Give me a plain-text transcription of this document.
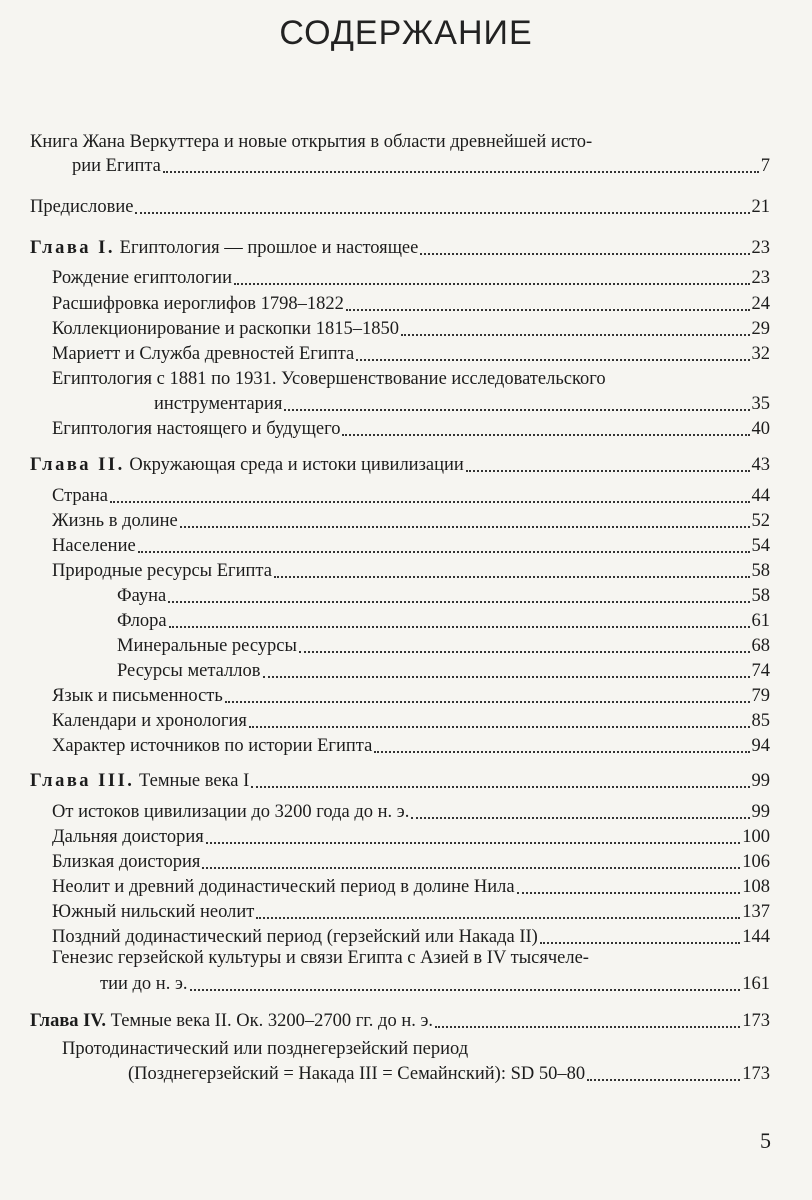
СОДЕРЖАНИЕ
Книга Жана Веркуттера и новые открытия в области древнейшей исто-
рии Египта	7
Предисловие	21
Глава I. Египтология — прошлое и настоящее	23
Рождение египтологии	23
Расшифровка иероглифов 1798–1822	24
Коллекционирование и раскопки 1815–1850	29
Мариетт и Служба древностей Египта	32
Египтология с 1881 по 1931. Усовершенствование исследовательского
инструментария	35
Египтология настоящего и будущего	40
Глава II. Окружающая среда и истоки цивилизации	43
Страна	44
Жизнь в долине	52
Население	54
Природные ресурсы Египта	58
Фауна	58
Флора	61
Минеральные ресурсы	68
Ресурсы металлов	74
Язык и письменность	79
Календари и хронология	85
Характер источников по истории Египта	94
Глава III. Темные века I	99
От истоков цивилизации до 3200 года до н. э.	99
Дальняя доистория	100
Близкая доистория	106
Неолит и древний додинастический период в долине Нила	108
Южный нильский неолит	137
Поздний додинастический период (герзейский или Накада II)	144
Генезис герзейской культуры и связи Египта с Азией в IV тысячеле-
тии до н. э.	161
Глава IV. Темные века II. Ок. 3200–2700 гг. до н. э.	173
Протодинастический или позднегерзейский период
(Позднегерзейский = Накада III = Семайнский): SD 50–80	173
5
